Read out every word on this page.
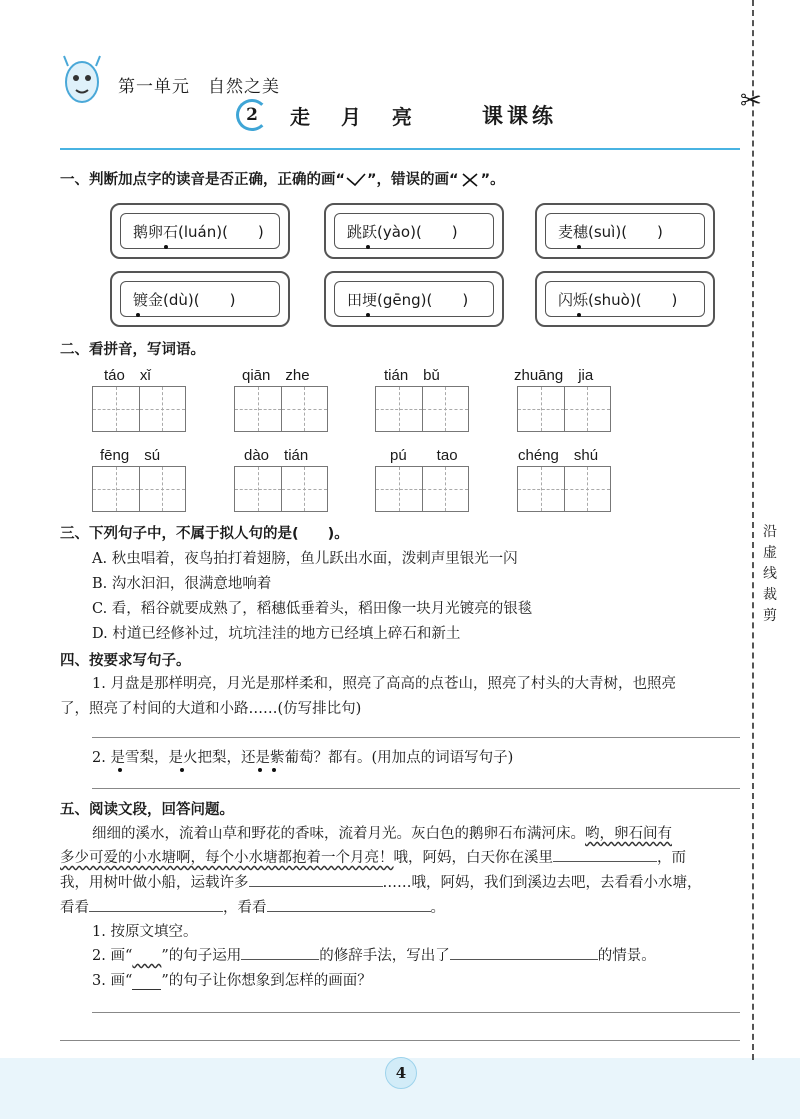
✂
沿
虚
线
裁
剪
第一单元　自然之美
2	走 月 亮	课课练
一、判断加点字的读音是否正确，正确的画“ ”，错误的画“ ”。
鹅卵石(luán)(　　)	跳跃(yào)(　　)	麦穗(suì)(　　)
镀金(dù)(　　)	田埂(gēng)(　　)	闪烁(shuò)(　　)
二、看拼音，写词语。
táo　xǐ	qiān　zhe	tián　bǔ	zhuāng　jia
fēng　sú	dào　tián	pú　　tao	chéng　shú
三、下列句子中，不属于拟人句的是(　　)。
A. 秋虫唱着，夜鸟拍打着翅膀，鱼儿跃出水面，泼剌声里银光一闪
B. 沟水汩汩，很满意地响着
C. 看，稻谷就要成熟了，稻穗低垂着头，稻田像一块月光镀亮的银毯
D. 村道已经修补过，坑坑洼洼的地方已经填上碎石和新土
四、按要求写句子。
1. 月盘是那样明亮，月光是那样柔和，照亮了高高的点苍山，照亮了村头的大青树，也照亮
了，照亮了村间的大道和小路……(仿写排比句)
2. 是雪梨，是火把梨，还是紫葡萄？都有。(用加点的词语写句子)
五、阅读文段，回答问题。
细细的溪水，流着山草和野花的香味，流着月光。灰白色的鹅卵石布满河床。哟，卵石间有
多少可爱的小水塘啊，每个小水塘都抱着一个月亮！哦，阿妈，白天你在溪里	，而
我，用树叶做小船，运载许多	……哦，阿妈，我们到溪边去吧，去看看小水塘，
看看	，看看	。
1. 按原文填空。
2. 画“　　 ”的句子运用	的修辞手法，写出了	的情景。
3. 画“　　 ”的句子让你想象到怎样的画面？
4
